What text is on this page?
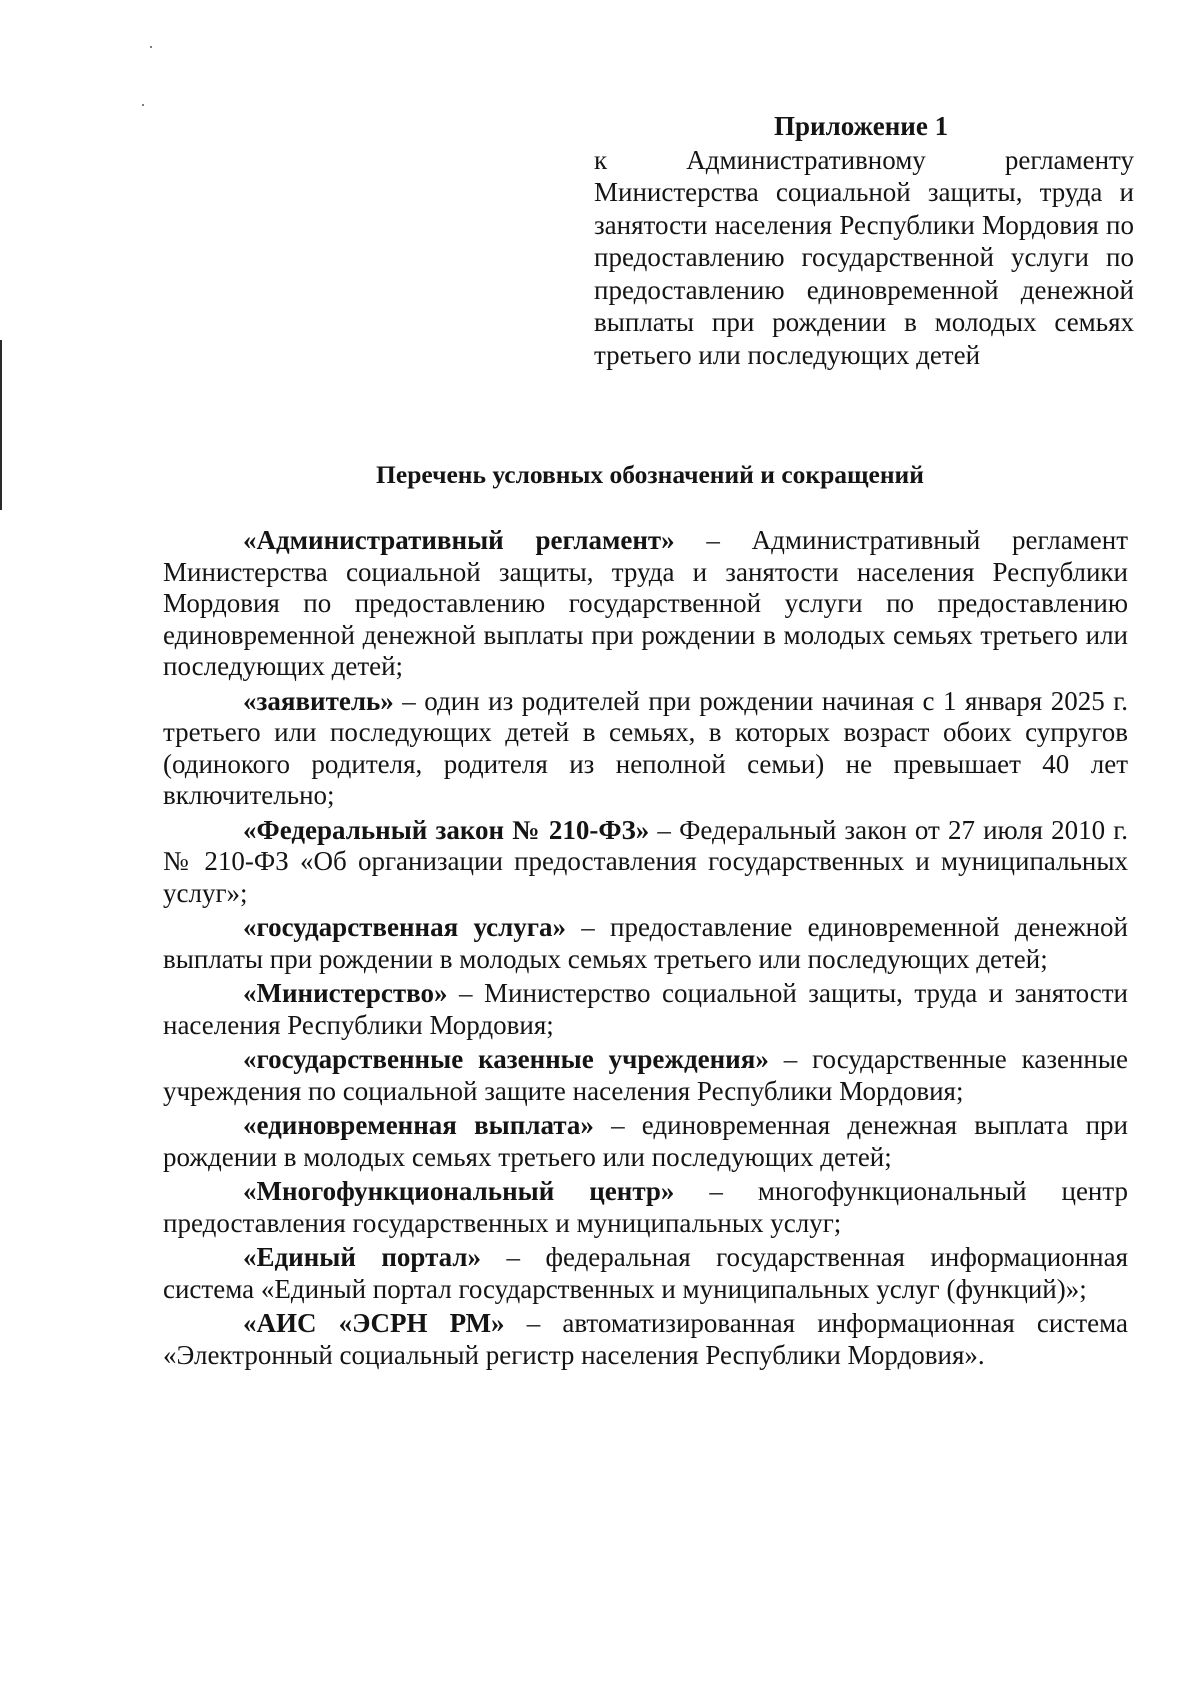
Приложение 1
к Административному регламенту Министерства социальной защиты, труда и занятости населения Республики Мордовия по предоставлению государственной услуги по предоставлению единовременной денежной выплаты при рождении в молодых семьях третьего или последующих детей
Перечень условных обозначений и сокращений

«Административный регламент» – Административный регламент Министерства социальной защиты, труда и занятости населения Республики Мордовия по предоставлению государственной услуги по предоставлению единовременной денежной выплаты при рождении в молодых семьях третьего или последующих детей;

«заявитель» – один из родителей при рождении начиная с 1 января 2025 г. третьего или последующих детей в семьях, в которых возраст обоих супругов (одинокого родителя, родителя из неполной семьи) не превышает 40 лет включительно;

«Федеральный закон № 210-ФЗ» – Федеральный закон от 27 июля 2010 г. № 210-ФЗ «Об организации предоставления государственных и муниципальных услуг»;

«государственная услуга» – предоставление единовременной денежной выплаты при рождении в молодых семьях третьего или последующих детей;

«Министерство» – Министерство социальной защиты, труда и занятости населения Республики Мордовия;

«государственные казенные учреждения» – государственные казенные учреждения по социальной защите населения Республики Мордовия;

«единовременная выплата» – единовременная денежная выплата при рождении в молодых семьях третьего или последующих детей;

«Многофункциональный центр» – многофункциональный центр предоставления государственных и муниципальных услуг;

«Единый портал» – федеральная государственная информационная система «Единый портал государственных и муниципальных услуг (функций)»;

«АИС «ЭСРН РМ» – автоматизированная информационная система «Электронный социальный регистр населения Республики Мордовия».
